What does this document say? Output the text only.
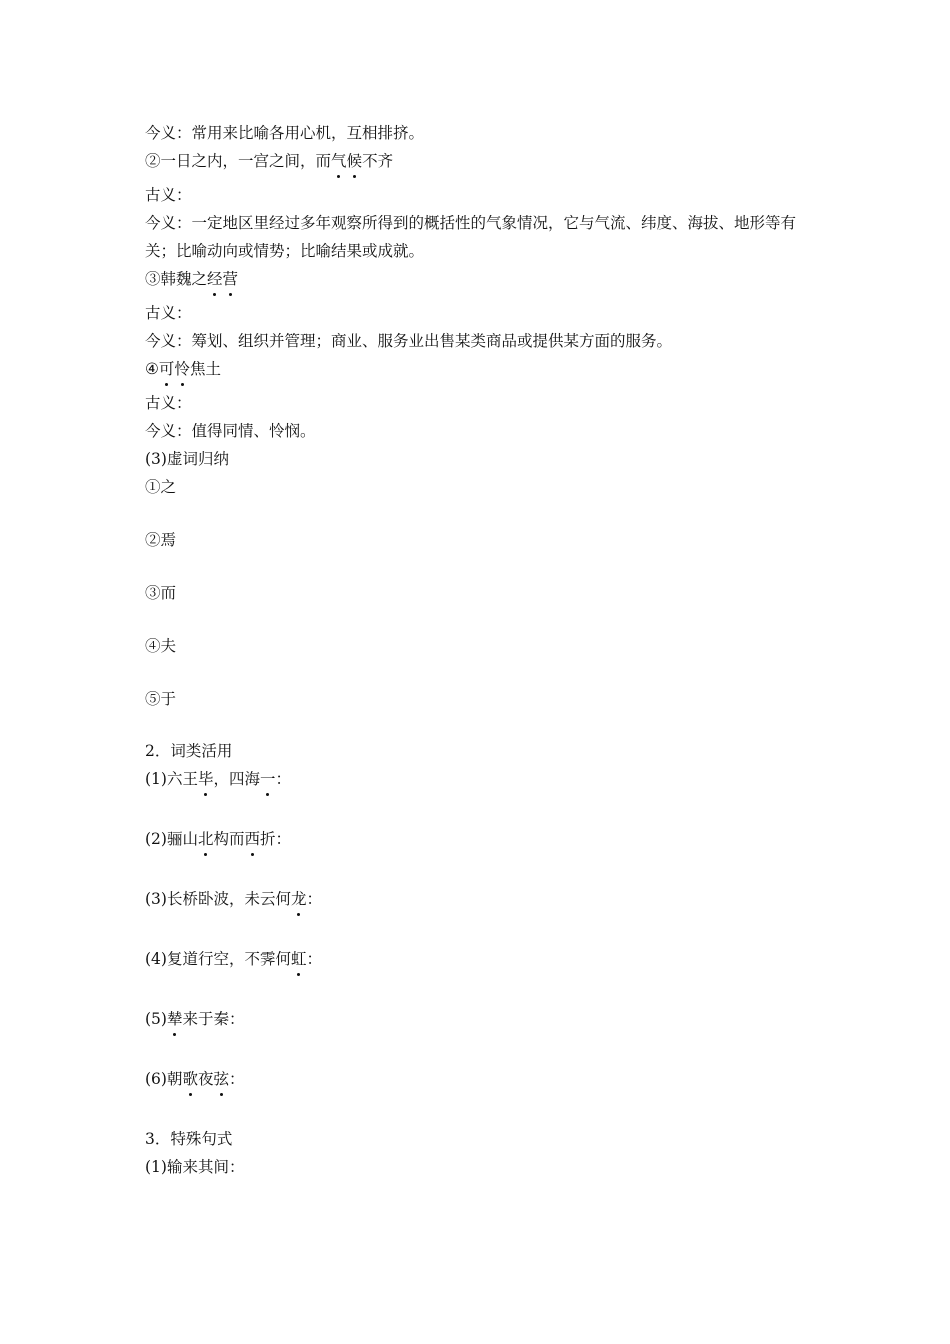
今义：常用来比喻各用心机，互相排挤。
②一日之内，一宫之间，而气候不齐
古义：
今义：一定地区里经过多年观察所得到的概括性的气象情况，它与气流、纬度、海拔、地形等有关；比喻动向或情势；比喻结果或成就。
③韩魏之经营
古义：
今义：筹划、组织并管理；商业、服务业出售某类商品或提供某方面的服务。
④可怜焦土
古义：
今义：值得同情、怜悯。
(3)虚词归纳
①之
②焉
③而
④夫
⑤于
2．词类活用
(1)六王毕，四海一：
(2)骊山北构而西折：
(3)长桥卧波，未云何龙：
(4)复道行空，不霁何虹：
(5)辇来于秦：
(6)朝歌夜弦：
3．特殊句式
(1)输来其间：
